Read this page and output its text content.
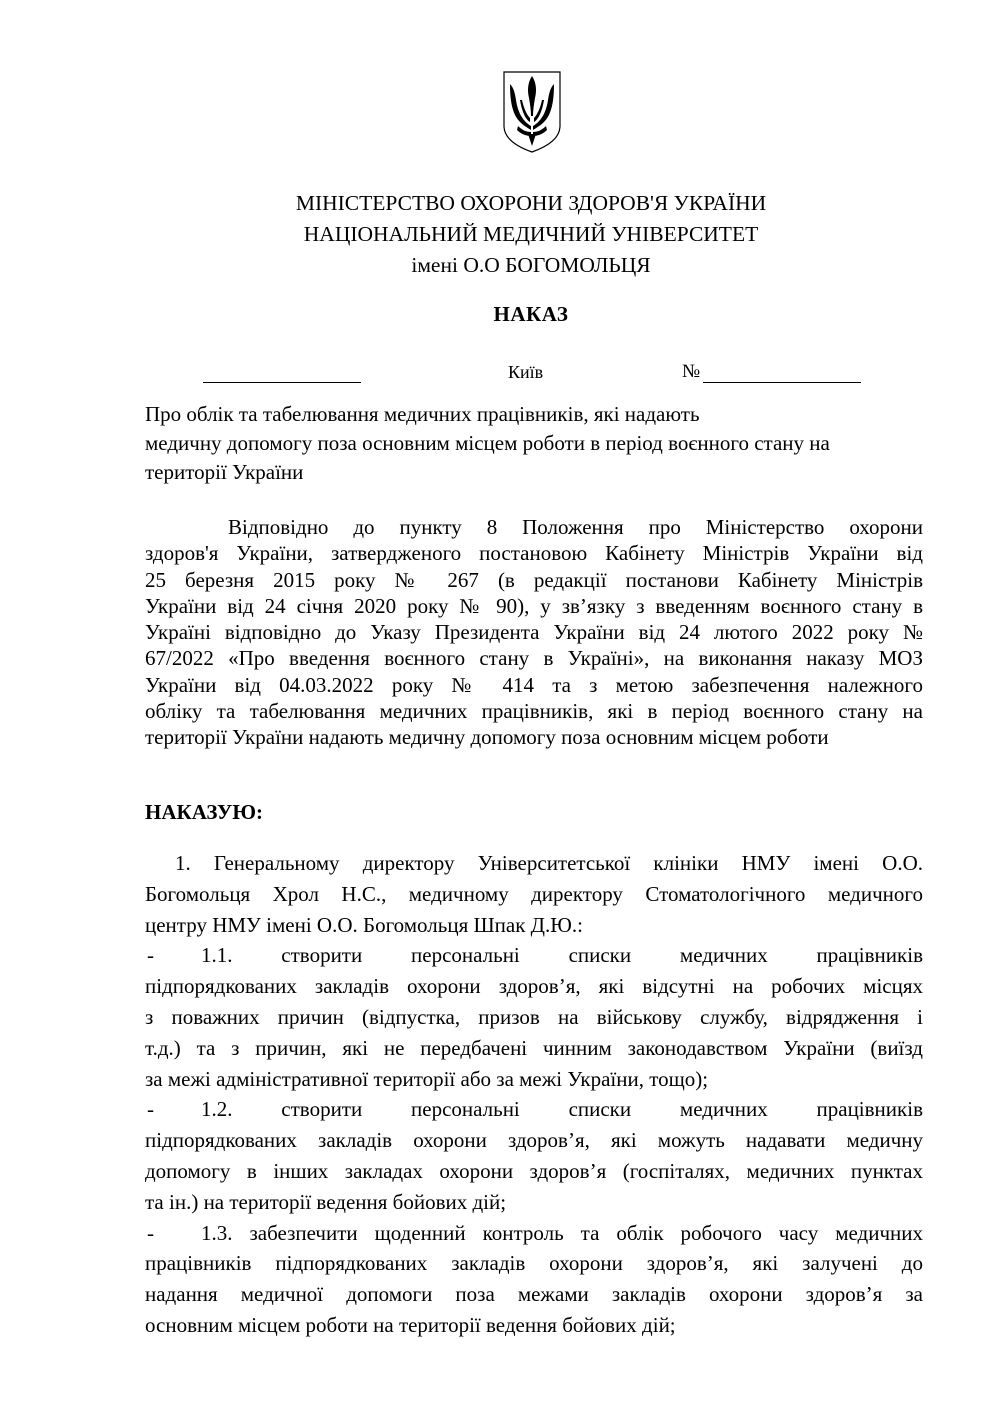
МІНІСТЕРСТВО ОХОРОНИ ЗДОРОВ'Я УКРАЇНИ
НАЦІОНАЛЬНИЙ МЕДИЧНИЙ УНІВЕРСИТЕТ
імені О.О БОГОМОЛЬЦЯ
НАКАЗ
Київ	№
Про облік та табелювання медичних працівників, які надають
медичну допомогу поза основним місцем роботи в період воєнного стану на
території України
Відповідно до пункту 8 Положення про Міністерство охорони
здоров'я України, затвердженого постановою Кабінету Міністрів України від
25 березня 2015 року № 267 (в редакції постанови Кабінету Міністрів
України від 24 січня 2020 року № 90), у зв’язку з введенням воєнного стану в
Україні відповідно до Указу Президента України від 24 лютого 2022 року №
67/2022 «Про введення воєнного стану в Україні», на виконання наказу МОЗ
України від 04.03.2022 року № 414 та з метою забезпечення належного
обліку та табелювання медичних працівників, які в період воєнного стану на
території України надають медичну допомогу поза основним місцем роботи
НАКАЗУЮ:
1. Генеральному директору Університетської клініки НМУ імені О.О.
Богомольця Хрол Н.С., медичному директору Стоматологічного медичного
центру НМУ імені О.О. Богомольця Шпак Д.Ю.:
-	1.1. створити персональні списки медичних працівників
підпорядкованих закладів охорони здоров’я, які відсутні на робочих місцях
з поважних причин (відпустка, призов на військову службу, відрядження і
т.д.) та з причин, які не передбачені чинним законодавством України (виїзд
за межі адміністративної території або за межі України, тощо);
-	1.2. створити персональні списки медичних працівників
підпорядкованих закладів охорони здоров’я, які можуть надавати медичну
допомогу в інших закладах охорони здоров’я (госпіталях, медичних пунктах
та ін.) на території ведення бойових дій;
-	1.3. забезпечити щоденний контроль та облік робочого часу медичних
працівників підпорядкованих закладів охорони здоров’я, які залучені до
надання медичної допомоги поза межами закладів охорони здоров’я за
основним місцем роботи на території ведення бойових дій;
